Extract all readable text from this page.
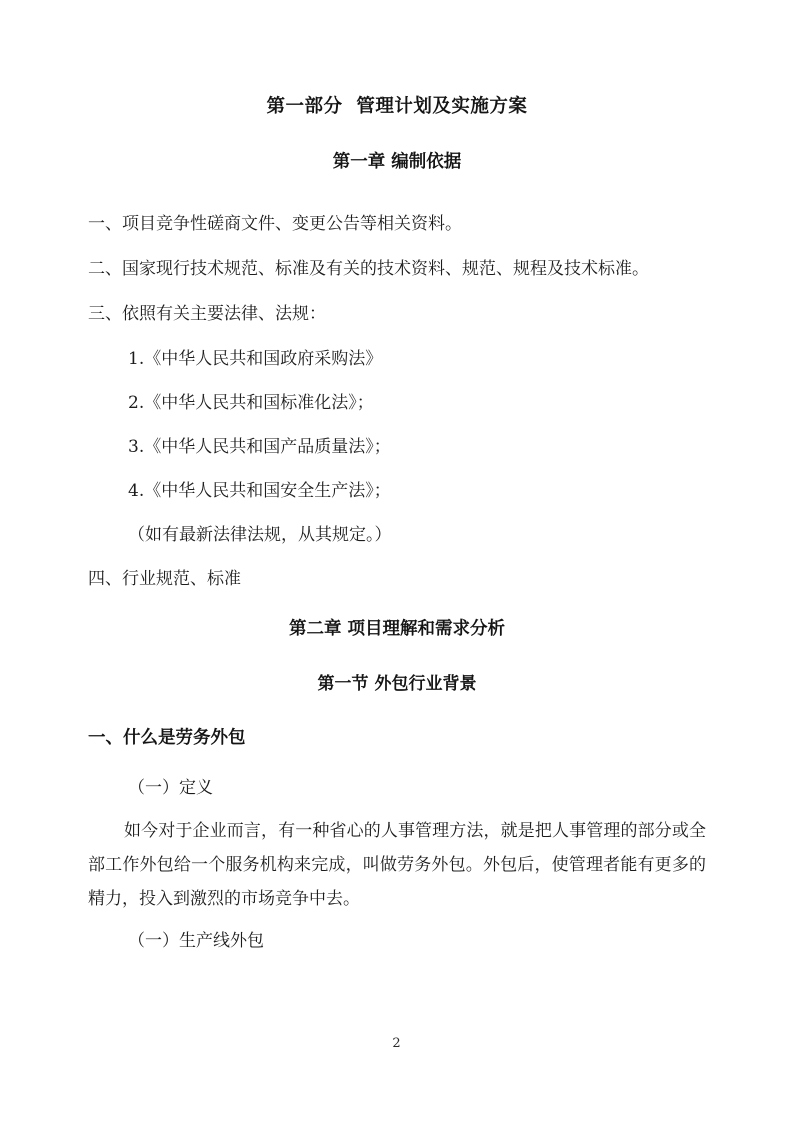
第一部分  管理计划及实施方案
第一章 编制依据

一、项目竞争性磋商文件、变更公告等相关资料。

二、国家现行技术规范、标准及有关的技术资料、规范、规程及技术标准。

三、依照有关主要法律、法规：

1.《中华人民共和国政府采购法》

2.《中华人民共和国标准化法》；

3.《中华人民共和国产品质量法》；

4.《中华人民共和国安全生产法》；

（如有最新法律法规，从其规定。）

四、行业规范、标准

第二章 项目理解和需求分析
第一节 外包行业背景
一、什么是劳务外包

（一）定义

如今对于企业而言，有一种省心的人事管理方法，就是把人事管理的部分或全部工作外包给一个服务机构来完成，叫做劳务外包。外包后，使管理者能有更多的精力，投入到激烈的市场竞争中去。

（一）生产线外包

2
